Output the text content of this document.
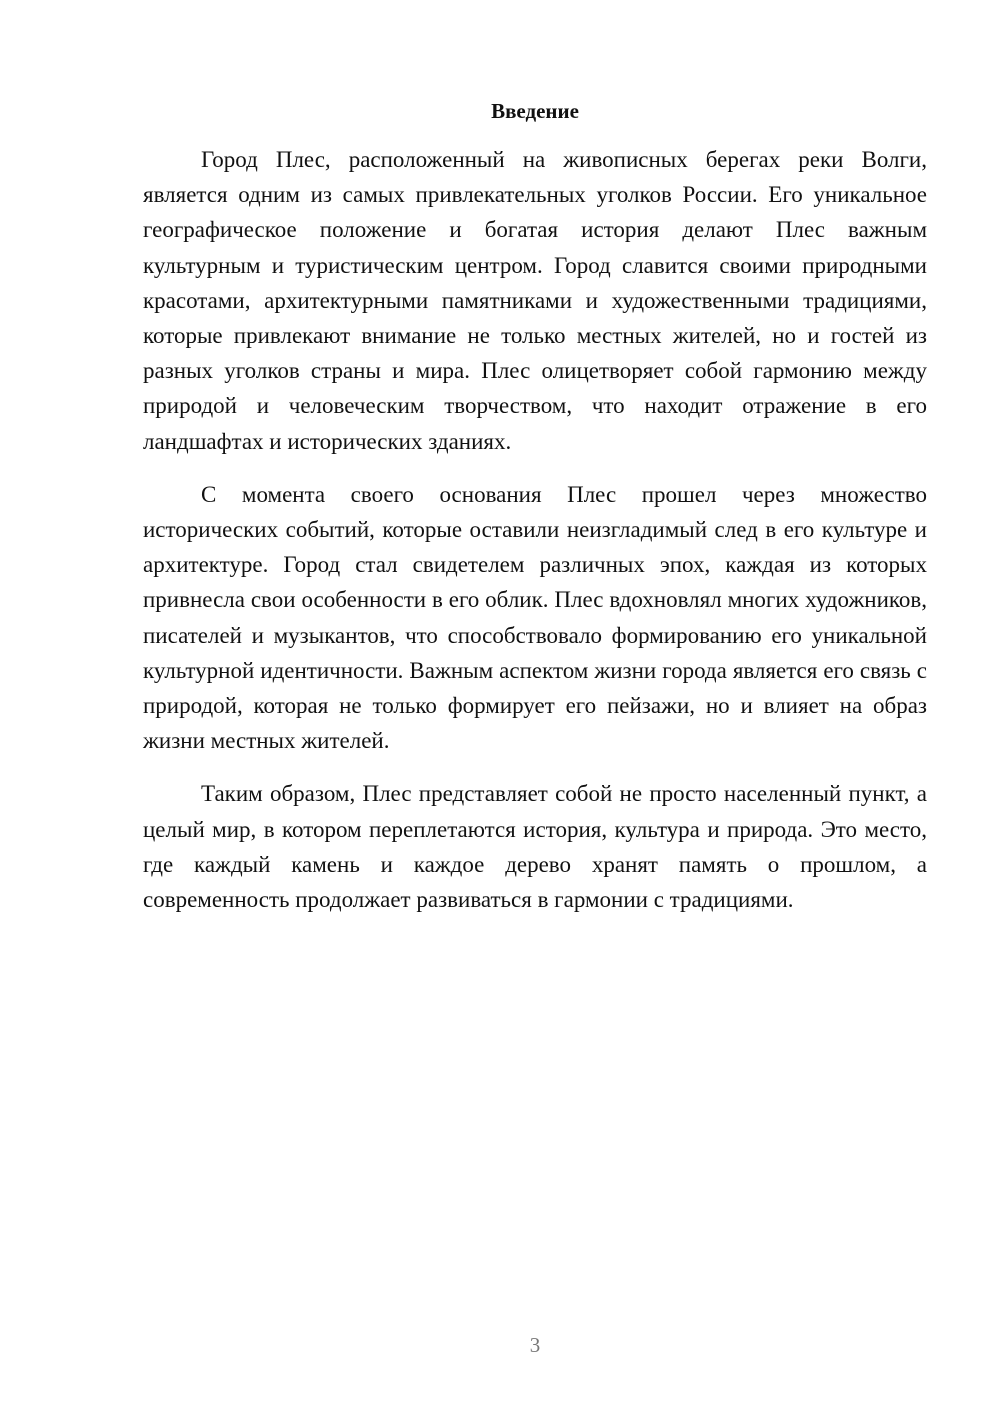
Введение

Город Плес, расположенный на живописных берегах реки Волги, является одним из самых привлекательных уголков России. Его уникальное географическое положение и богатая история делают Плес важным культурным и туристическим центром. Город славится своими природными красотами, архитектурными памятниками и художественными традициями, которые привлекают внимание не только местных жителей, но и гостей из разных уголков страны и мира. Плес олицетворяет собой гармонию между природой и человеческим творчеством, что находит отражение в его ландшафтах и исторических зданиях.

С момента своего основания Плес прошел через множество исторических событий, которые оставили неизгладимый след в его культуре и архитектуре. Город стал свидетелем различных эпох, каждая из которых привнесла свои особенности в его облик. Плес вдохновлял многих художников, писателей и музыкантов, что способствовало формированию его уникальной культурной идентичности. Важным аспектом жизни города является его связь с природой, которая не только формирует его пейзажи, но и влияет на образ жизни местных жителей.

Таким образом, Плес представляет собой не просто населенный пункт, а целый мир, в котором переплетаются история, культура и природа. Это место, где каждый камень и каждое дерево хранят память о прошлом, а современность продолжает развиваться в гармонии с традициями.

3
